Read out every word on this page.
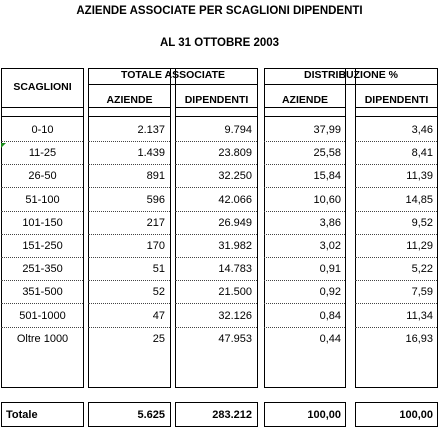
AZIENDE ASSOCIATE PER SCAGLIONI DIPENDENTI
AL 31 OTTOBRE 2003
SCAGLIONI
TOTALE ASSOCIATE	DISTRIBUZIONE %
AZIENDE	DIPENDENTI	AZIENDE	DIPENDENTI
0-10	2.137	9.794	37,99	3,46
11-25	1.439	23.809	25,58	8,41
26-50	891	32.250	15,84	11,39
51-100	596	42.066	10,60	14,85
101-150	217	26.949	3,86	9,52
151-250	170	31.982	3,02	11,29
251-350	51	14.783	0,91	5,22
351-500	52	21.500	0,92	7,59
501-1000	47	32.126	0,84	11,34
Oltre 1000	25	47.953	0,44	16,93
Totale	5.625	283.212	100,00	100,00
